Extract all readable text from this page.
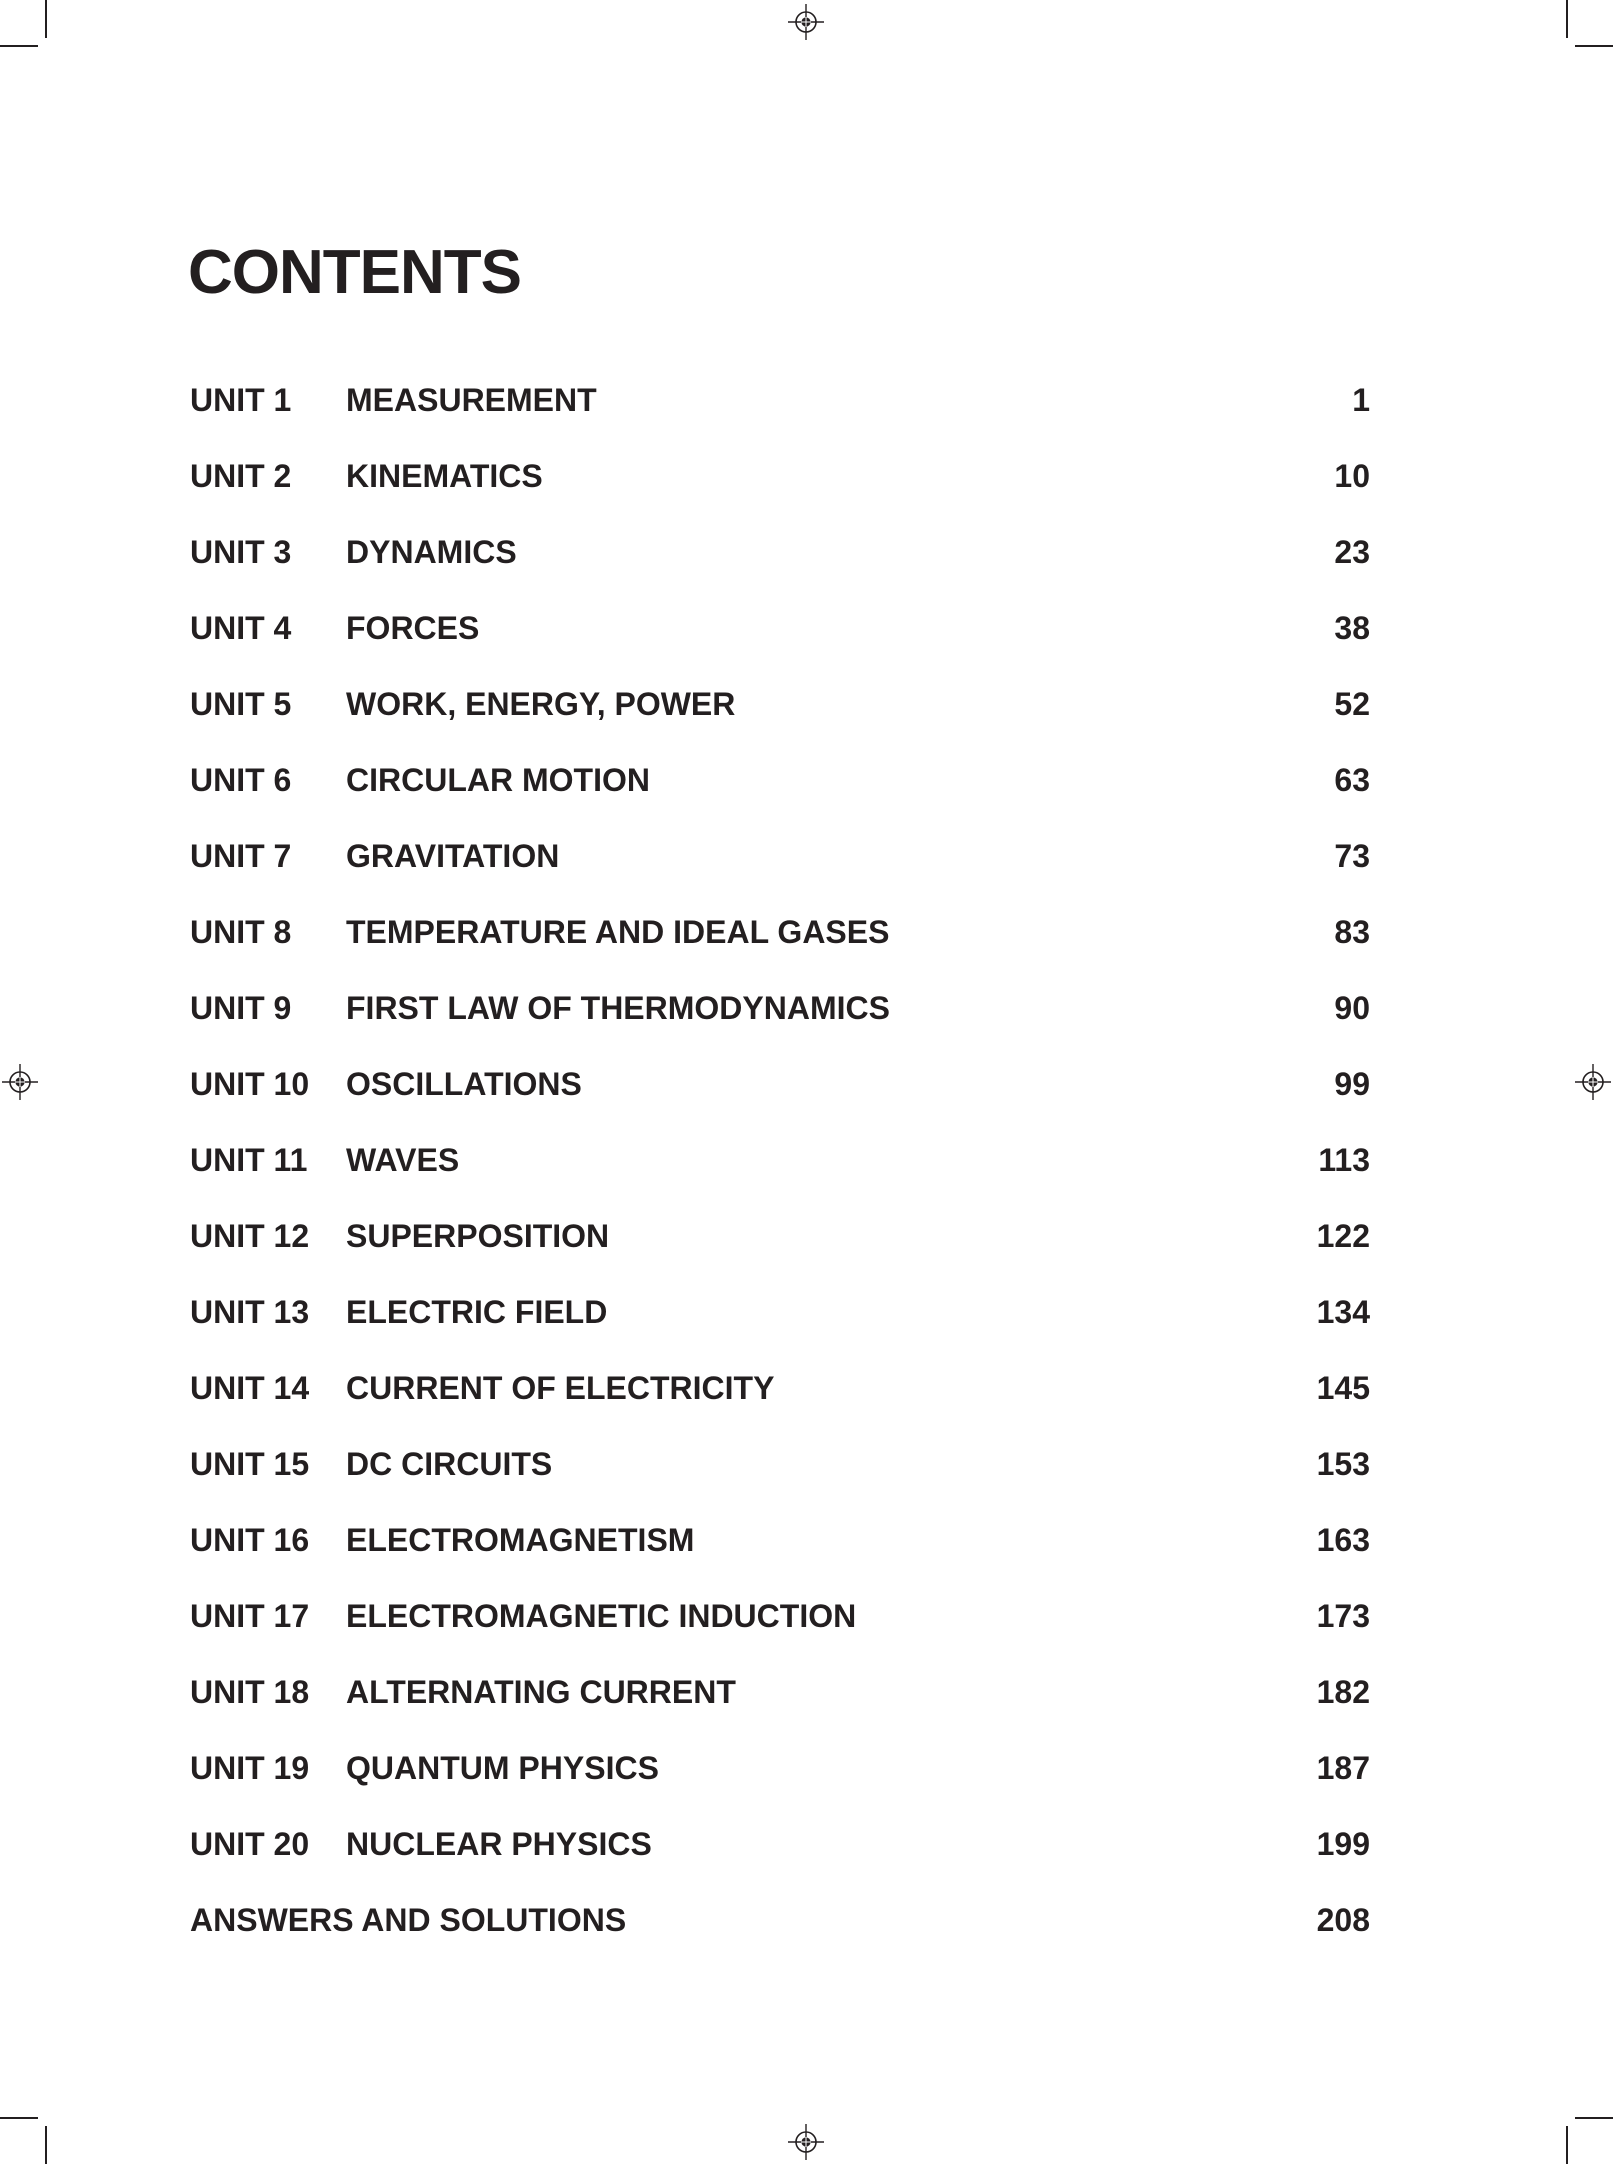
CONTENTS
UNIT 1	MEASUREMENT	1
UNIT 2	KINEMATICS	10
UNIT 3	DYNAMICS	23
UNIT 4	FORCES	38
UNIT 5	WORK, ENERGY, POWER	52
UNIT 6	CIRCULAR MOTION	63
UNIT 7	GRAVITATION	73
UNIT 8	TEMPERATURE AND IDEAL GASES	83
UNIT 9	FIRST LAW OF THERMODYNAMICS	90
UNIT 10	OSCILLATIONS	99
UNIT 11	WAVES	113
UNIT 12	SUPERPOSITION	122
UNIT 13	ELECTRIC FIELD	134
UNIT 14	CURRENT OF ELECTRICITY	145
UNIT 15	DC CIRCUITS	153
UNIT 16	ELECTROMAGNETISM	163
UNIT 17	ELECTROMAGNETIC INDUCTION	173
UNIT 18	ALTERNATING CURRENT	182
UNIT 19	QUANTUM PHYSICS	187
UNIT 20	NUCLEAR PHYSICS	199
ANSWERS AND SOLUTIONS	208
